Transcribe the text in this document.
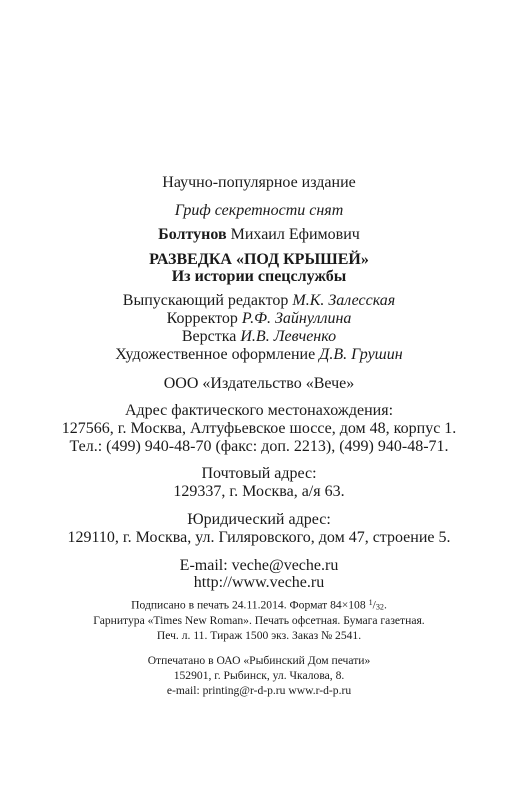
Научно-популярное издание
Гриф секретности снят
Болтунов Михаил Ефимович
РАЗВЕДКА «ПОД КРЫШЕЙ»
Из истории спецслужбы
Выпускающий редактор М.К. Залесская
Корректор Р.Ф. Зайнуллина
Верстка И.В. Левченко
Художественное оформление Д.В. Грушин
ООО «Издательство «Вече»
Адрес фактического местонахождения:
127566, г. Москва, Алтуфьевское шоссе, дом 48, корпус 1.
Тел.: (499) 940-48-70 (факс: доп. 2213), (499) 940-48-71.
Почтовый адрес:
129337, г. Москва, а/я 63.
Юридический адрес:
129110, г. Москва, ул. Гиляровского, дом 47, строение 5.
E-mail: veche@veche.ru
http://www.veche.ru
Подписано в печать 24.11.2014. Формат 84×108 $^1$/32.
Гарнитура «Times New Roman». Печать офсетная. Бумага газетная.
Печ. л. 11. Тираж 1500 экз. Заказ № 2541.
Отпечатано в ОАО «Рыбинский Дом печати»
152901, г. Рыбинск, ул. Чкалова, 8.
e-mail: printing@r-d-p.ru www.r-d-p.ru
